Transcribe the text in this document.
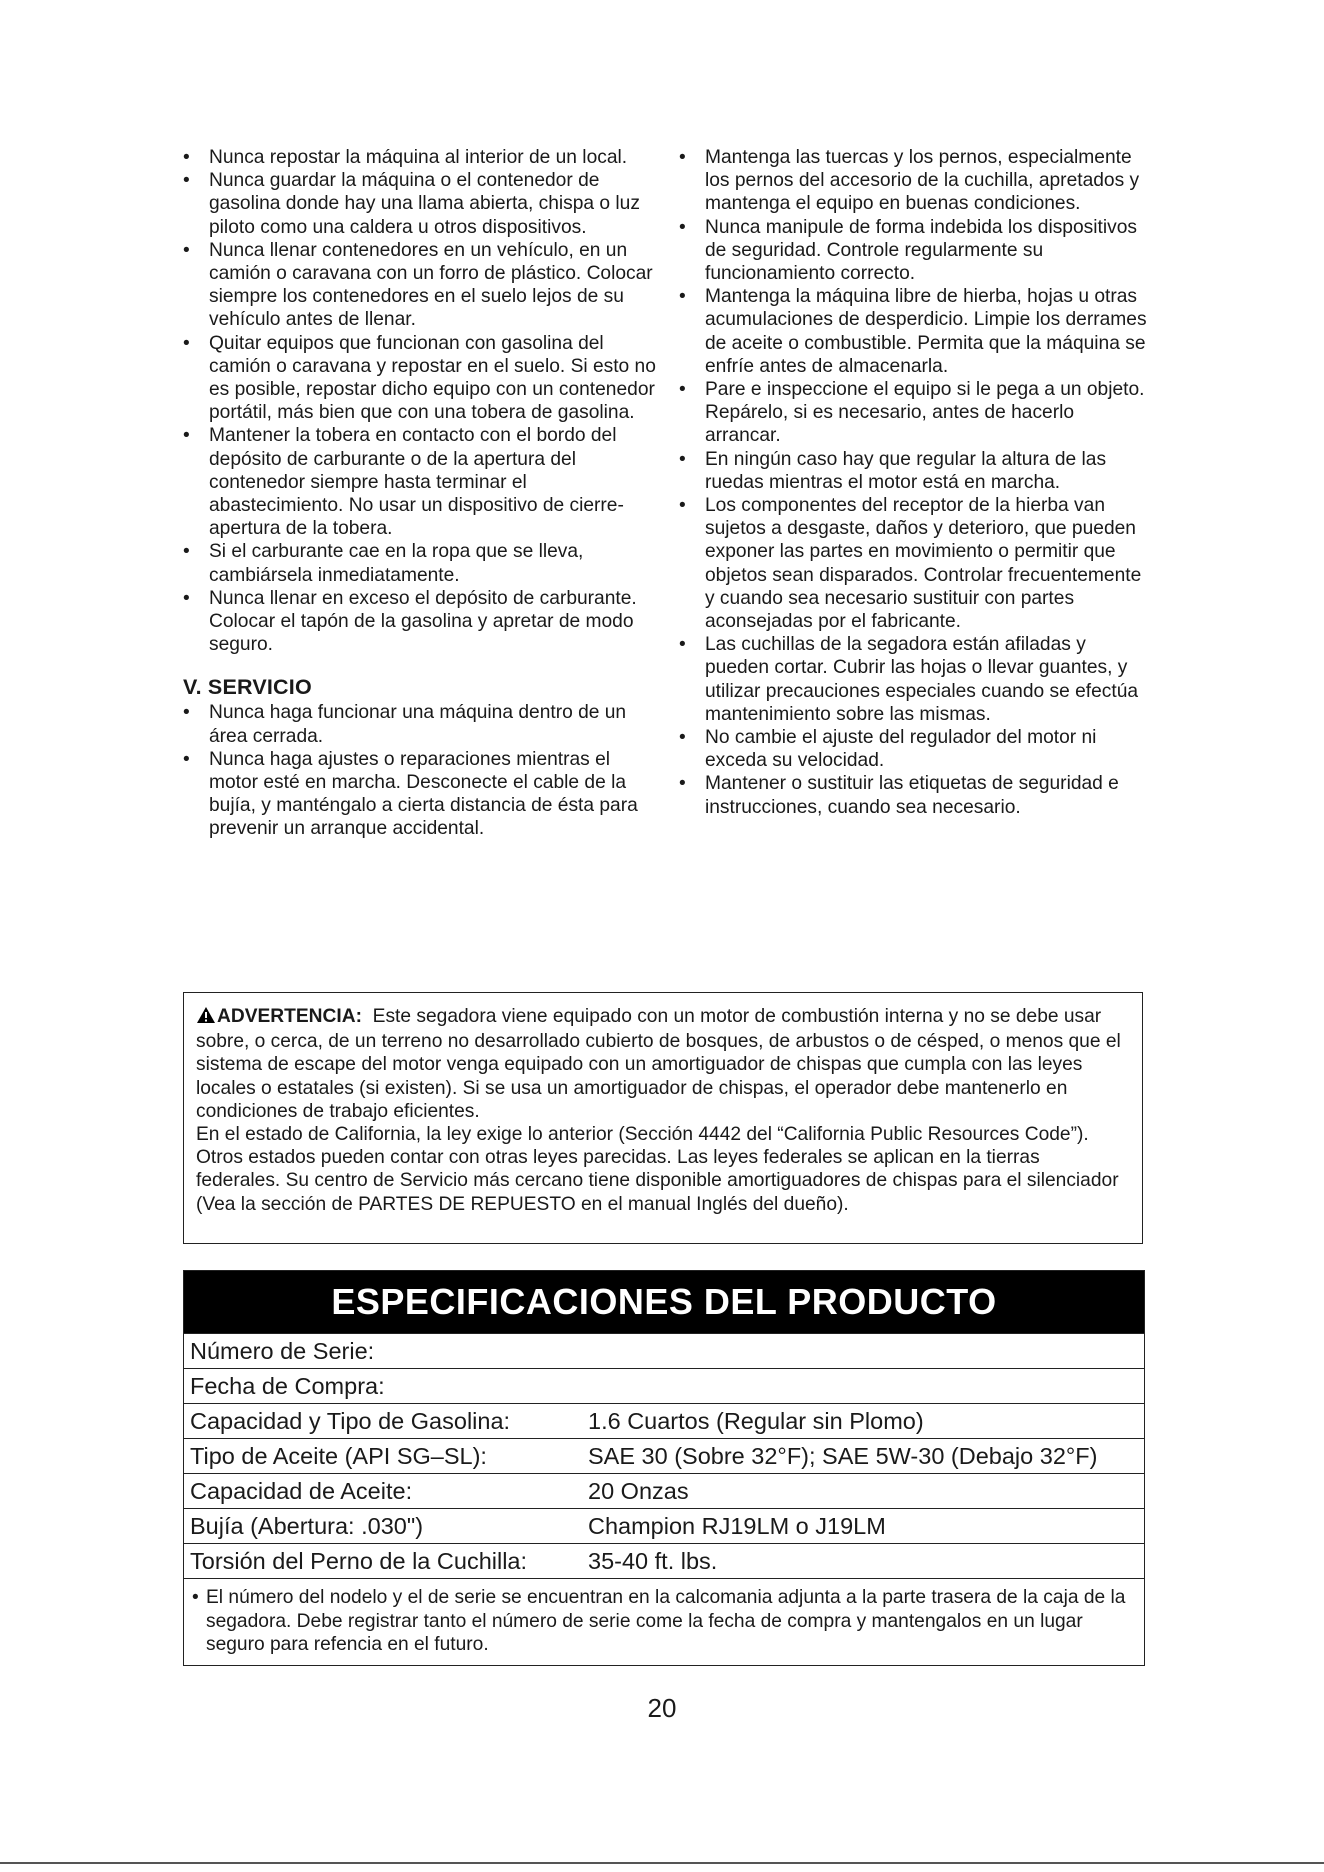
•	Nunca repostar la máquina al interior de un local.
•	Nunca guardar la máquina o el contenedor de gasolina donde hay una llama abierta, chispa o luz piloto como una caldera u otros dispositivos.
•	Nunca llenar contenedores en un vehículo, en un camión o caravana con un forro de plástico. Colocar siempre los contenedores en el suelo lejos de su vehículo antes de llenar.
•	Quitar equipos que funcionan con gasolina del camión o caravana y repostar en el suelo. Si esto no es posible, repostar dicho equipo con un contenedor portátil, más bien que con una tobera de gasolina.
•	Mantener la tobera en contacto con el bordo del depósito de carburante o de la apertura del contenedor siempre hasta terminar el abastecimiento. No usar un dispositivo de cierre-apertura de la tobera.
•	Si el carburante cae en la ropa que se lleva, cambiársela inmediatamente.
•	Nunca llenar en exceso el depósito de carburante. Colocar el tapón de la gasolina y apretar de modo seguro.
V. SERVICIO
•	Nunca haga funcionar una máquina dentro de un área cerrada.
•	Nunca haga ajustes o reparaciones mientras el motor esté en marcha. Desconecte el cable de la bujía, y manténgalo a cierta distancia de ésta para prevenir un arranque accidental.
•	Mantenga las tuercas y los pernos, especialmente los pernos del accesorio de la cuchilla, apretados y mantenga el equipo en buenas condiciones.
•	Nunca manipule de forma indebida los dispositivos de seguridad. Controle regularmente su funcionamiento correcto.
•	Mantenga la máquina libre de hierba, hojas u otras acumulaciones de desperdicio. Limpie los derrames de aceite o combustible. Permita que la máquina se enfríe antes de almacenarla.
•	Pare e inspeccione el equipo si le pega a un objeto. Repárelo, si es necesario, antes de hacerlo arrancar.
•	En ningún caso hay que regular la altura de las ruedas mientras el motor está en marcha.
•	Los componentes del receptor de la hierba van sujetos a desgaste, daños y deterioro, que pueden exponer las partes en movimiento o permitir que objetos sean disparados. Controlar frecuentemente y cuando sea necesario sustituir con partes aconsejadas por el fabricante.
•	Las cuchillas de la segadora están afiladas y pueden cortar. Cubrir las hojas o llevar guantes, y utilizar precauciones especiales cuando se efectúa mantenimiento sobre las mismas.
•	No cambie el ajuste del regulador del motor ni exceda su velocidad.
•	Mantener o sustituir las etiquetas de seguridad e instrucciones, cuando sea necesario.

ADVERTENCIA: Este segadora viene equipado con un motor de combustión interna y no se debe usar sobre, o cerca, de un terreno no desarrollado cubierto de bosques, de arbustos o de césped, o menos que el sistema de escape del motor venga equipado con un amortiguador de chispas que cumpla con las leyes locales o estatales (si existen). Si se usa un amortiguador de chispas, el operador debe mantenerlo en condiciones de trabajo eficientes.

En el estado de California, la ley exige lo anterior (Sección 4442 del “California Public Resources Code”). Otros estados pueden contar con otras leyes parecidas. Las leyes federales se aplican en la tierras federales. Su centro de Servicio más cercano tiene disponible amortiguadores de chispas para el silenciador (Vea la sección de PARTES DE REPUESTO en el manual Inglés del dueño).

ESPECIFICACIONES DEL PRODUCTO
Número de Serie:
Fecha de Compra:
Capacidad y Tipo de Gasolina:	1.6 Cuartos (Regular sin Plomo)
Tipo de Aceite (API SG–SL):	SAE 30 (Sobre 32°F); SAE 5W-30 (Debajo 32°F)
Capacidad de Aceite:	20 Onzas
Bujía (Abertura: .030")	Champion RJ19LM o J19LM
Torsión del Perno de la Cuchilla:	35-40 ft. lbs.
• El número del nodelo y el de serie se encuentran en la calcomania adjunta a la parte trasera de la caja de la segadora. Debe registrar tanto el número de serie come la fecha de compra y mantengalos en un lugar seguro para refencia en el futuro.
20
